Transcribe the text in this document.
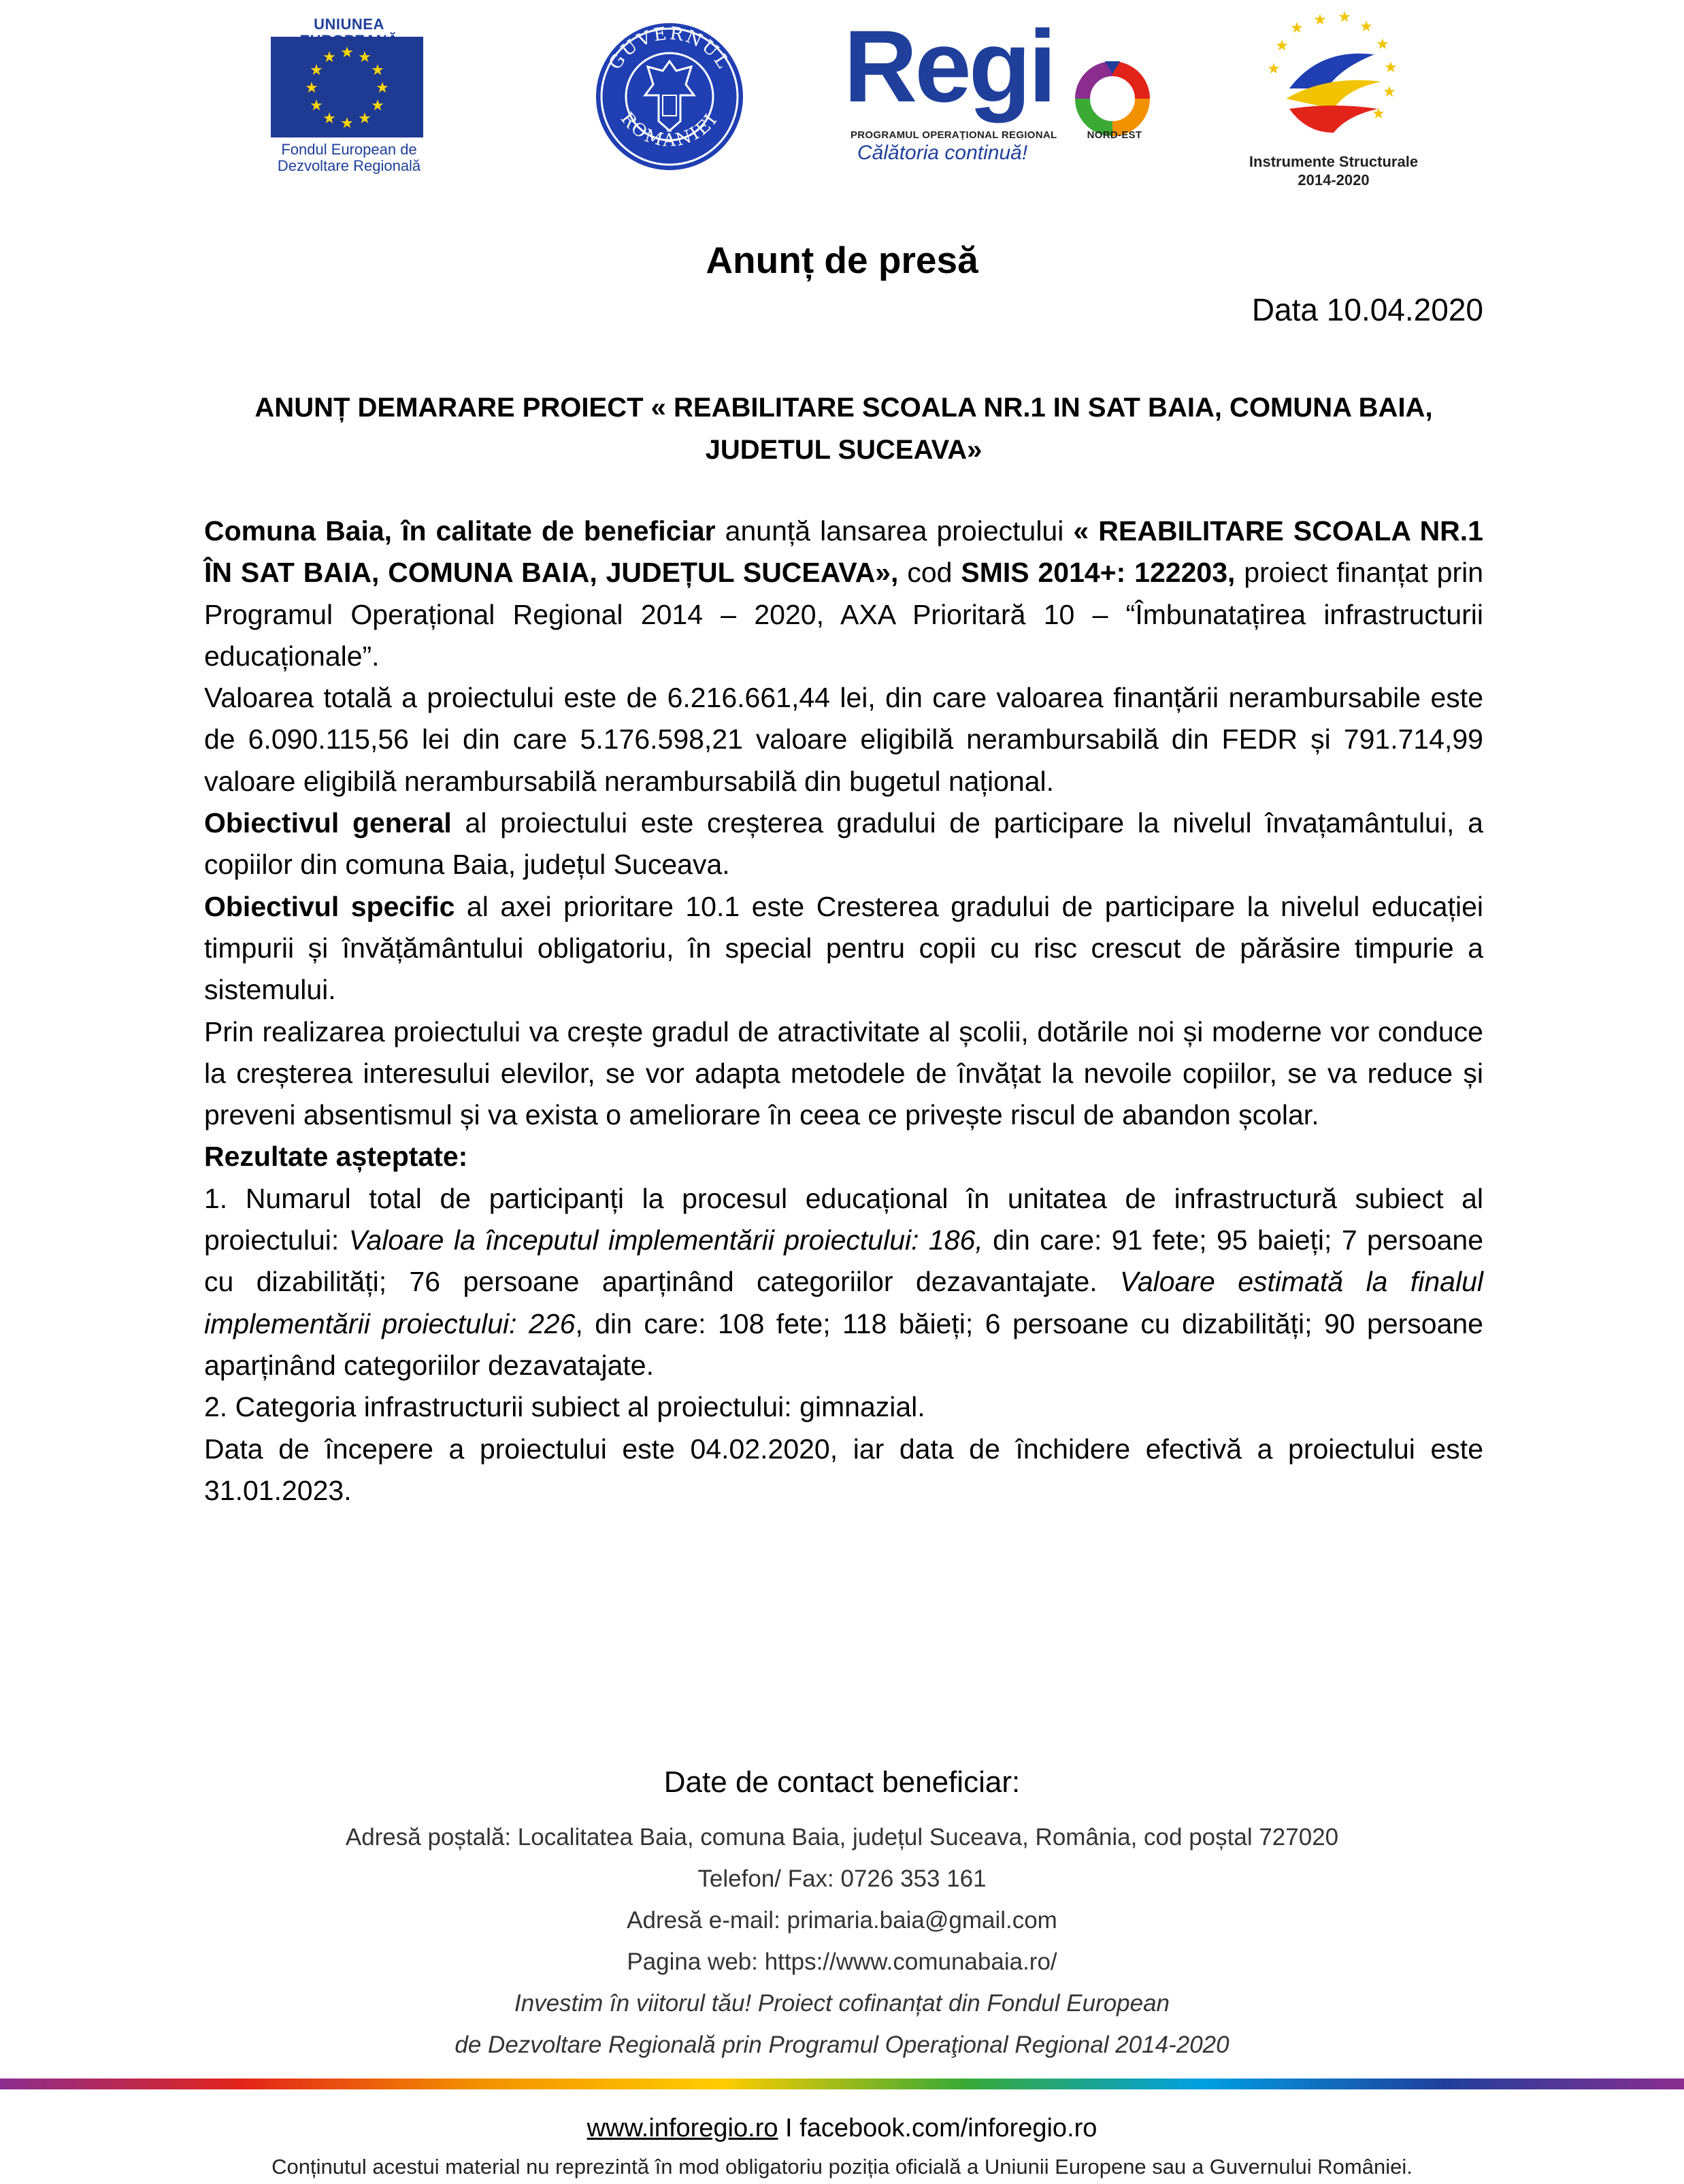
UNIUNEA
★ ★
★
★
★
★
★
★
★
★
★
★
Fondul European de
Dezvoltare Regională
GUVERNUL
ROMÂNIEI Regi
PROGRAMUL OPERAȚIONAL REGIONAL	NORD-EST
Călătoria continuă!
★ ★
★
★
★
★
★
★
★
★
Instrumente Structurale
2014-2020
Anunț de presă
Data 10.04.2020
ANUNȚ DEMARARE PROIECT « REABILITARE SCOALA NR.1 IN SAT BAIA, COMUNA BAIA,
JUDETUL SUCEAVA»

Comuna Baia, în calitate de beneficiar anunță lansarea proiectului « REABILITARE SCOALA NR.1 ÎN SAT BAIA, COMUNA BAIA, JUDEȚUL SUCEAVA», cod SMIS 2014+: 122203, proiect finanțat prin Programul Operațional Regional 2014 – 2020, AXA Prioritară 10 – “Îmbunatațirea infrastructurii educaționale”.

Valoarea totală a proiectului este de 6.216.661,44 lei, din care valoarea finanțării nerambursabile este de 6.090.115,56 lei din care 5.176.598,21 valoare eligibilă nerambursabilă din FEDR și 791.714,99 valoare eligibilă nerambursabilă nerambursabilă din bugetul național.

Obiectivul general al proiectului este creșterea gradului de participare la nivelul învațamântului, a copiilor din comuna Baia, județul Suceava.

Obiectivul specific al axei prioritare 10.1 este Cresterea gradului de participare la nivelul educației timpurii și învățământului obligatoriu, în special pentru copii cu risc crescut de părăsire timpurie a sistemului.

Prin realizarea proiectului va crește gradul de atractivitate al școlii, dotările noi și moderne vor conduce la creșterea interesului elevilor, se vor adapta metodele de învățat la nevoile copiilor, se va reduce și preveni absentismul și va exista o ameliorare în ceea ce privește riscul de abandon școlar.

Rezultate așteptate:

1. Numarul total de participanți la procesul educațional în unitatea de infrastructură subiect al proiectului: Valoare la începutul implementării proiectului: 186, din care: 91 fete; 95 baieți; 7 persoane cu dizabilități; 76 persoane aparținând categoriilor dezavantajate. Valoare estimată la finalul implementării proiectului: 226, din care: 108 fete; 118 băieți; 6 persoane cu dizabilități; 90 persoane aparținând categoriilor dezavatajate.

2. Categoria infrastructurii subiect al proiectului: gimnazial.

Data de începere a proiectului este 04.02.2020, iar data de închidere efectivă a proiectului este 31.01.2023.

Date de contact beneficiar:
Adresă poștală: Localitatea Baia, comuna Baia, județul Suceava, România, cod poștal 727020
Telefon/ Fax: 0726 353 161
Adresă e-mail: primaria.baia@gmail.com
Pagina web: https://www.comunabaia.ro/
Investim în viitorul tău! Proiect cofinanțat din Fondul European
de Dezvoltare Regională prin Programul Operaţional Regional 2014-2020
www.inforegio.ro I facebook.com/inforegio.ro
Conținutul acestui material nu reprezintă în mod obligatoriu poziția oficială a Uniunii Europene sau a Guvernului României.
